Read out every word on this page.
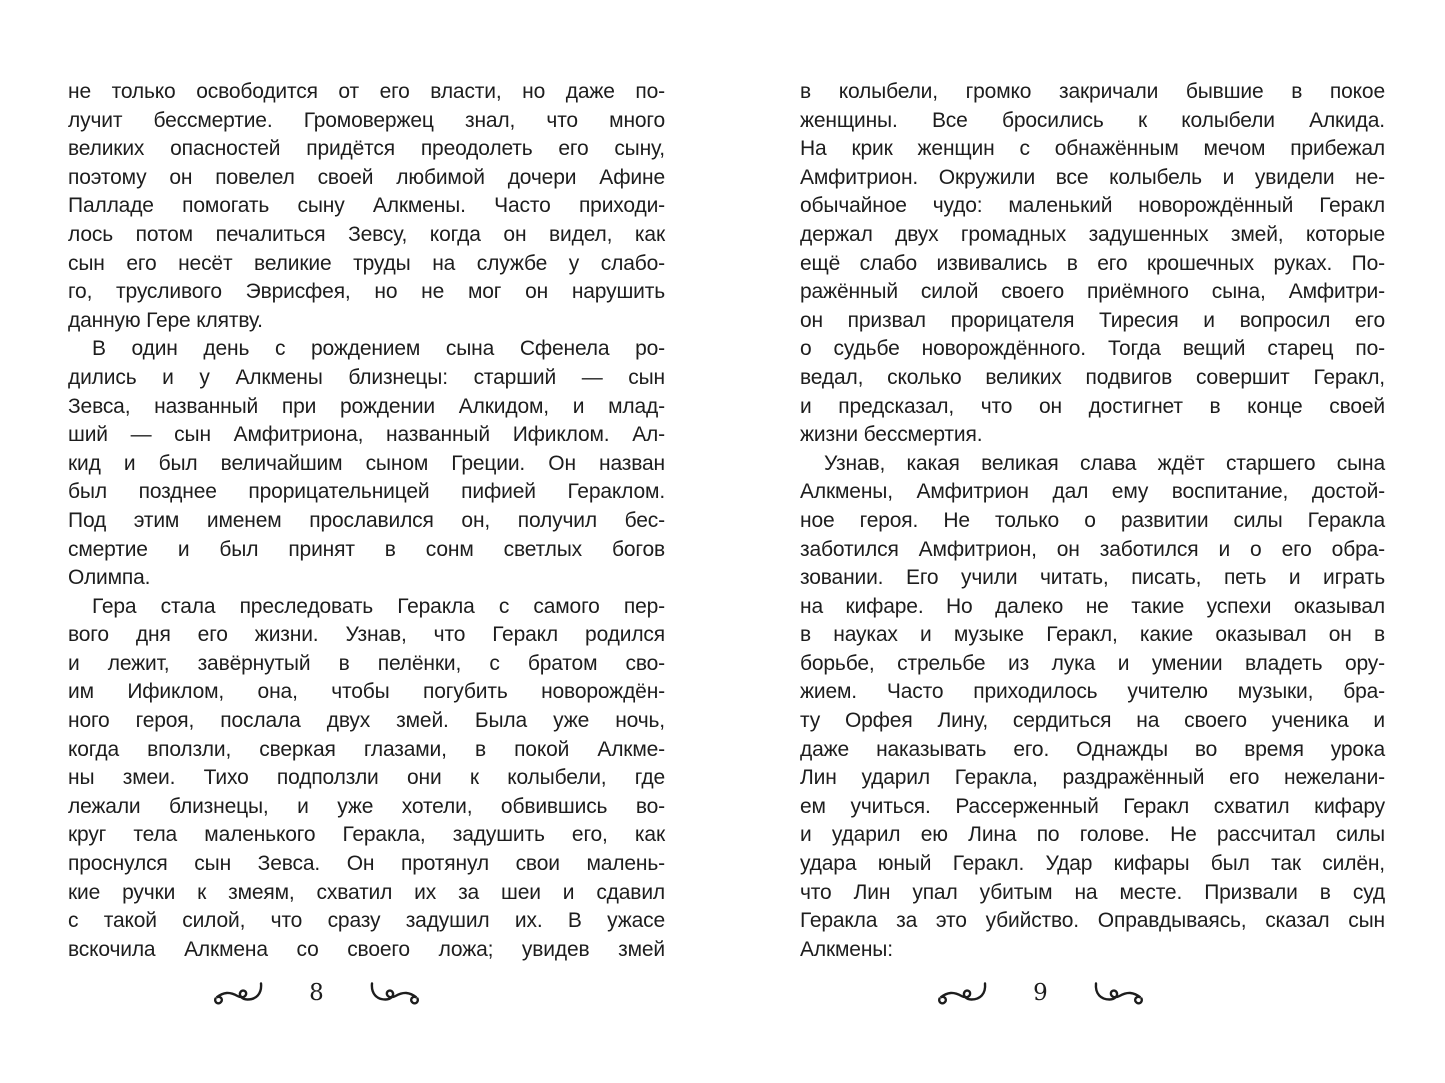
не только освободится от его власти, но даже по-
лучит бессмертие. Громовержец знал, что много
великих опасностей придётся преодолеть его сыну,
поэтому он повелел своей любимой дочери Афине
Палладе помогать сыну Алкмены. Часто приходи-
лось потом печалиться Зевсу, когда он видел, как
сын его несёт великие труды на службе у слабо-
го, трусливого Эврисфея, но не мог он нарушить
данную Гере клятву.
В один день с рождением сына Сфенела ро-
дились и у Алкмены близнецы: старший — сын
Зевса, названный при рождении Алкидом, и млад-
ший — сын Амфитриона, названный Ификлом. Ал-
кид и был величайшим сыном Греции. Он назван
был позднее прорицательницей пифией Гераклом.
Под этим именем прославился он, получил бес-
смертие и был принят в сонм светлых богов
Олимпа.
Гера стала преследовать Геракла с самого пер-
вого дня его жизни. Узнав, что Геракл родился
и лежит, завёрнутый в пелёнки, с братом сво-
им Ификлом, она, чтобы погубить новорождён-
ного героя, послала двух змей. Была уже ночь,
когда вползли, сверкая глазами, в покой Алкме-
ны змеи. Тихо подползли они к колыбели, где
лежали близнецы, и уже хотели, обвившись во-
круг тела маленького Геракла, задушить его, как
проснулся сын Зевса. Он протянул свои малень-
кие ручки к змеям, схватил их за шеи и сдавил
с такой силой, что сразу задушил их. В ужасе
вскочила Алкмена со своего ложа; увидев змей
в колыбели, громко закричали бывшие в покое
женщины. Все бросились к колыбели Алкида.
На крик женщин с обнажённым мечом прибежал
Амфитрион. Окружили все колыбель и увидели не-
обычайное чудо: маленький новорождённый Геракл
держал двух громадных задушенных змей, которые
ещё слабо извивались в его крошечных руках. По-
ражённый силой своего приёмного сына, Амфитри-
он призвал прорицателя Тиресия и вопросил его
о судьбе новорождённого. Тогда вещий старец по-
ведал, сколько великих подвигов совершит Геракл,
и предсказал, что он достигнет в конце своей
жизни бессмертия.
Узнав, какая великая слава ждёт старшего сына
Алкмены, Амфитрион дал ему воспитание, достой-
ное героя. Не только о развитии силы Геракла
заботился Амфитрион, он заботился и о его обра-
зовании. Его учили читать, писать, петь и играть
на кифаре. Но далеко не такие успехи оказывал
в науках и музыке Геракл, какие оказывал он в
борьбе, стрельбе из лука и умении владеть ору-
жием. Часто приходилось учителю музыки, бра-
ту Орфея Лину, сердиться на своего ученика и
даже наказывать его. Однажды во время урока
Лин ударил Геракла, раздражённый его нежелани-
ем учиться. Рассерженный Геракл схватил кифару
и ударил ею Лина по голове. Не рассчитал силы
удара юный Геракл. Удар кифары был так силён,
что Лин упал убитым на месте. Призвали в суд
Геракла за это убийство. Оправдываясь, сказал сын
Алкмены:
8	9
